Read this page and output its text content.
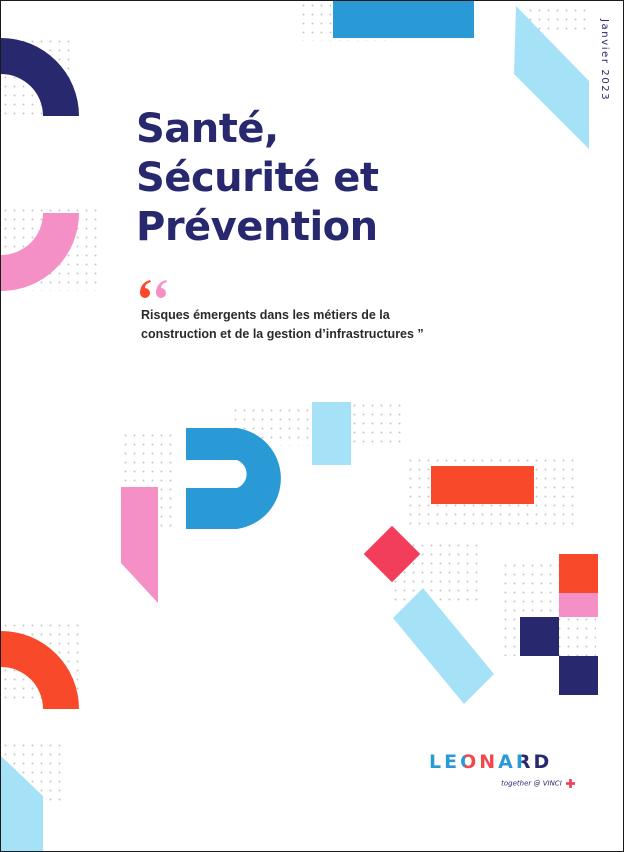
Janvier 2023
Santé,
Sécurité et
Prévention

Risques émergents dans les métiers de la construction et de la gestion d’infrastructures ”

LEONARD
together @ VINCI
